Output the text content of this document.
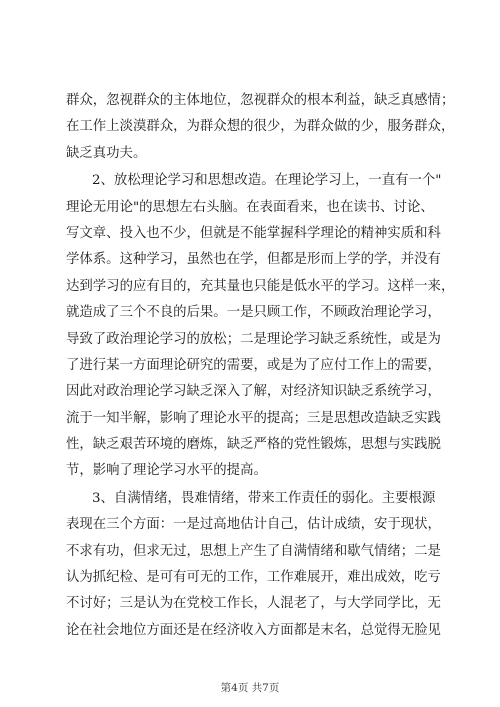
群 众 ， 忽 视 群 众 的 主 体 地 位 ， 忽 视 群 众 的 根 本 利 益 ， 缺 乏 真 感 情 ；
在 工 作 上 淡 漠 群 众 ， 为 群 众 想 的 很 少 ， 为 群 众 做 的 少 ， 服 务 群 众 ，
缺乏真功夫。
2 、 放 松 理 论 学 习 和 思 想 改 造 。 在 理 论 学 习 上 ， 一 直 有 一 个 "
理 论 无 用 论 " 的 思 想 左 右 头 脑 。 在 表 面 看 来 ， 也 在 读 书 、 讨 论 、
写 文 章 、 投 入 也 不 少 ， 但 就 是 不 能 掌 握 科 学 理 论 的 精 神 实 质 和 科
学 体 系 。 这 种 学 习 ， 虽 然 也 在 学 ， 但 都 是 形 而 上 学 的 学 ， 并 没 有
达 到 学 习 的 应 有 目 的 ， 充 其 量 也 只 能 是 低 水 平 的 学 习 。 这 样 一 来 ，
就 造 成 了 三 个 不 良 的 后 果 。 一 是 只 顾 工 作 ， 不 顾 政 治 理 论 学 习 ，
导 致 了 政 治 理 论 学 习 的 放 松 ； 二 是 理 论 学 习 缺 乏 系 统 性 ， 或 是 为
了 进 行 某 一 方 面 理 论 研 究 的 需 要 ， 或 是 为 了 应 付 工 作 上 的 需 要 ，
因 此 对 政 治 理 论 学 习 缺 乏 深 入 了 解 ， 对 经 济 知 识 缺 乏 系 统 学 习 ，
流 于 一 知 半 解 ， 影 响 了 理 论 水 平 的 提 高 ； 三 是 思 想 改 造 缺 乏 实 践
性 ， 缺 乏 艰 苦 环 境 的 磨 炼 ， 缺 乏 严 格 的 党 性 锻 炼 ， 思 想 与 实 践 脱
节，影响了理论学习水平的提高。
3 、 自 满 情 绪 ， 畏 难 情 绪 ， 带 来 工 作 责 任 的 弱 化 。 主 要 根 源
表 现 在 三 个 方 面 ： 一 是 过 高 地 估 计 自 己 ， 估 计 成 绩 ， 安 于 现 状 ，
不 求 有 功 ， 但 求 无 过 ， 思 想 上 产 生 了 自 满 情 绪 和 歇 气 情 绪 ； 二 是
认 为 抓 纪 检 、 是 可 有 可 无 的 工 作 ， 工 作 难 展 开 ， 难 出 成 效 ， 吃 亏
不 讨 好 ； 三 是 认 为 在 党 校 工 作 长 ， 人 混 老 了 ， 与 大 学 同 学 比 ， 无
论 在 社 会 地 位 方 面 还 是 在 经 济 收 入 方 面 都 是 末 名 ， 总 觉 得 无 脸 见
第4页 共7页
